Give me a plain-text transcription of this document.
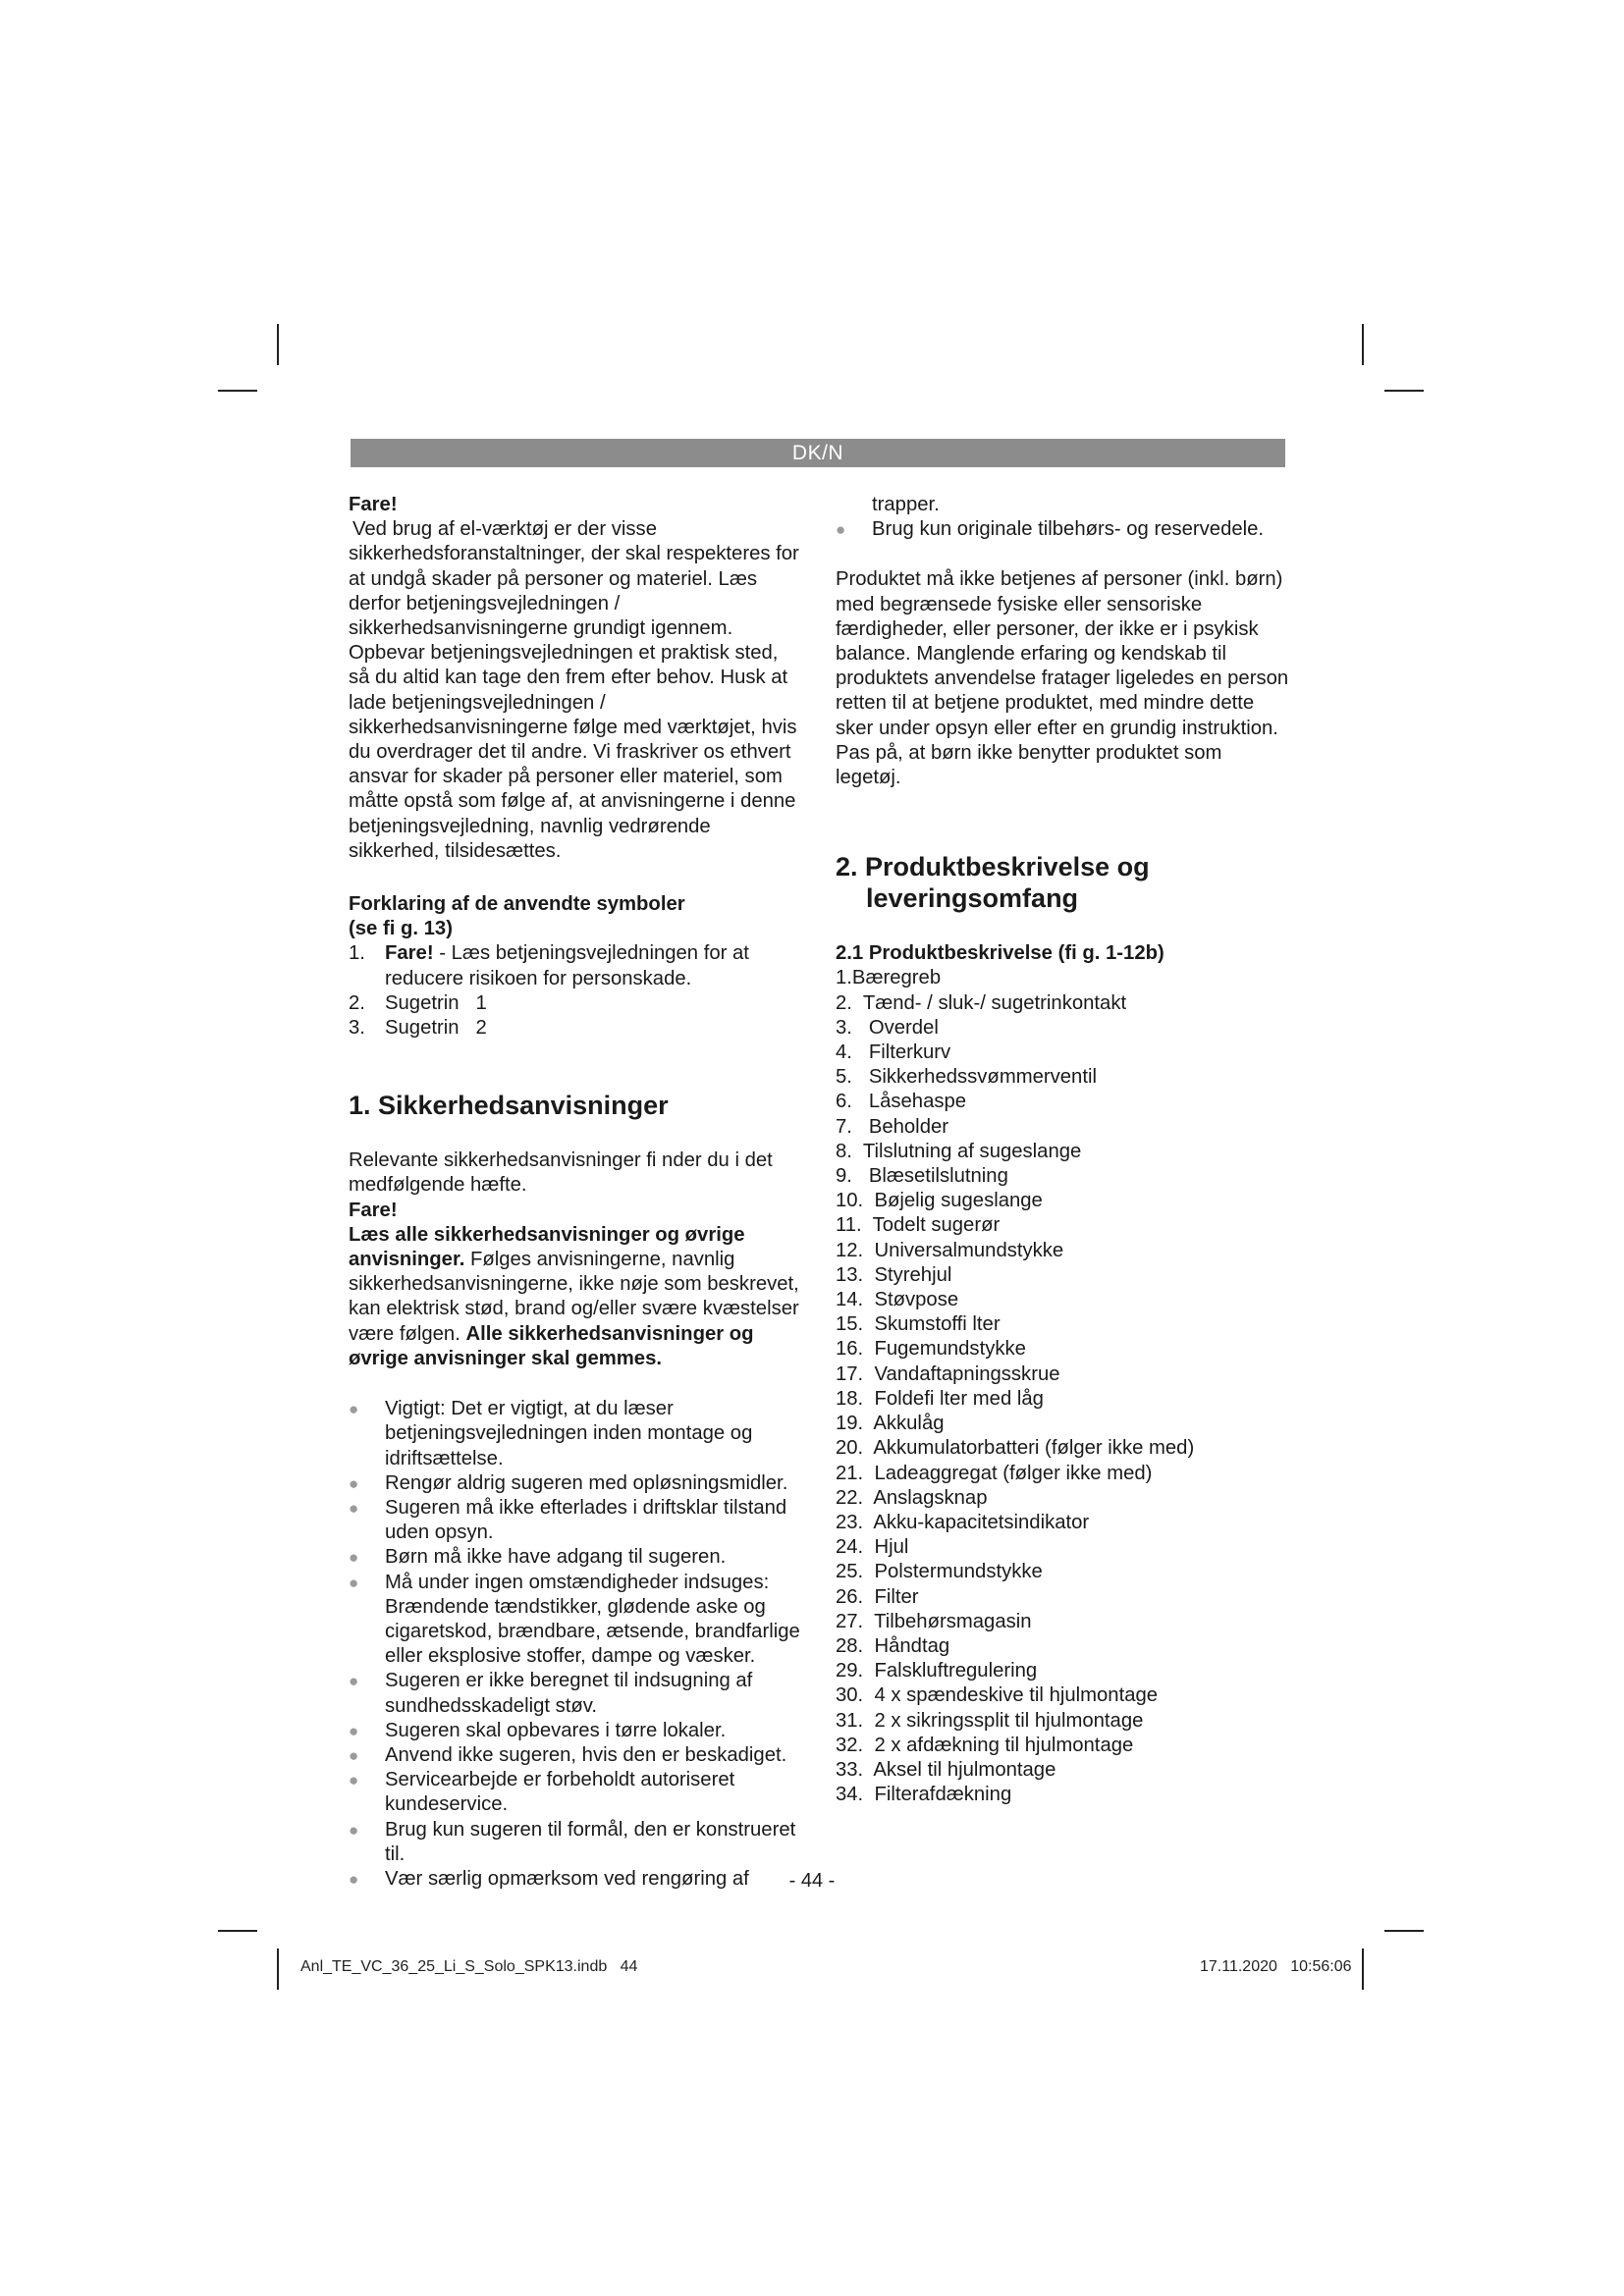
DK/N

Fare!

Ved brug af el-værktøj er der visse sikkerhedsforanstaltninger, der skal respekteres for at undgå skader på personer og materiel. Læs derfor betjeningsvejledningen / sikkerhedsanvisningerne grundigt igennem. Opbevar betjeningsvejledningen et praktisk sted, så du altid kan tage den frem efter behov. Husk at lade betjeningsvejledningen / sikkerhedsanvisningerne følge med værktøjet, hvis du overdrager det til andre. Vi fraskriver os ethvert ansvar for skader på personer eller materiel, som måtte opstå som følge af, at anvisningerne i denne betjeningsvejledning, navnlig vedrørende sikkerhed, tilsidesættes.

Forklaring af de anvendte symboler (se fi g. 13)

1. Fare! - Læs betjeningsvejledningen for at reducere risikoen for personskade.
2. Sugetrin   1
3. Sugetrin   2

1. Sikkerhedsanvisninger

Relevante sikkerhedsanvisninger fi nder du i det medfølgende hæfte.

Fare!

Læs alle sikkerhedsanvisninger og øvrige anvisninger. Følges anvisningerne, navnlig sikkerhedsanvisningerne, ikke nøje som beskrevet, kan elektrisk stød, brand og/eller svære kvæstelser være følgen. Alle sikkerhedsanvisninger og øvrige anvisninger skal gemmes.

●	Vigtigt: Det er vigtigt, at du læser betjeningsvejledningen inden montage og idriftsættelse.
●	Rengør aldrig sugeren med opløsningsmidler.
●	Sugeren må ikke efterlades i driftsklar tilstand uden opsyn.
●	Børn må ikke have adgang til sugeren.
●	Må under ingen omstændigheder indsuges: Brændende tændstikker, glødende aske og cigaretskod, brændbare, ætsende, brandfarlige eller eksplosive stoffer, dampe og væsker.
●	Sugeren er ikke beregnet til indsugning af sundhedsskadeligt støv.
●	Sugeren skal opbevares i tørre lokaler.
●	Anvend ikke sugeren, hvis den er beskadiget.
●	Servicearbejde er forbeholdt autoriseret kundeservice.
●	Brug kun sugeren til formål, den er konstrueret til.
●	Vær særlig opmærksom ved rengøring af

trapper.

●	Brug kun originale tilbehørs- og reservedele.

Produktet må ikke betjenes af personer (inkl. børn) med begrænsede fysiske eller sensoriske færdigheder, eller personer, der ikke er i psykisk balance. Manglende erfaring og kendskab til produktets anvendelse fratager ligeledes en person retten til at betjene produktet, med mindre dette sker under opsyn eller efter en grundig instruktion. Pas på, at børn ikke benytter produktet som legetøj.

2. Produktbeskrivelse og

leveringsomfang

2.1 Produktbeskrivelse (fi g. 1-12b)

1.Bæregreb
2.  Tænd- / sluk-/ sugetrinkontakt
3.   Overdel
4.   Filterkurv
5.   Sikkerhedssvømmerventil
6.   Låsehaspe
7.   Beholder
8.  Tilslutning af sugeslange
9.   Blæsetilslutning
10.  Bøjelig sugeslange
11.  Todelt sugerør
12.  Universalmundstykke
13.  Styrehjul
14.  Støvpose
15.  Skumstoffi lter
16.  Fugemundstykke
17.  Vandaftapningsskrue
18.  Foldefi lter med låg
19.  Akkulåg
20.  Akkumulatorbatteri (følger ikke med)
21.  Ladeaggregat (følger ikke med)
22.  Anslagsknap
23.  Akku-kapacitetsindikator
24.  Hjul
25.  Polstermundstykke
26.  Filter
27.  Tilbehørsmagasin
28.  Håndtag
29.  Falskluftregulering
30.  4 x spændeskive til hjulmontage
31.  2 x sikringssplit til hjulmontage
32.  2 x afdækning til hjulmontage
33.  Aksel til hjulmontage
34.  Filterafdækning
- 44 -
Anl_TE_VC_36_25_Li_S_Solo_SPK13.indb   44	17.11.2020   10:56:06
